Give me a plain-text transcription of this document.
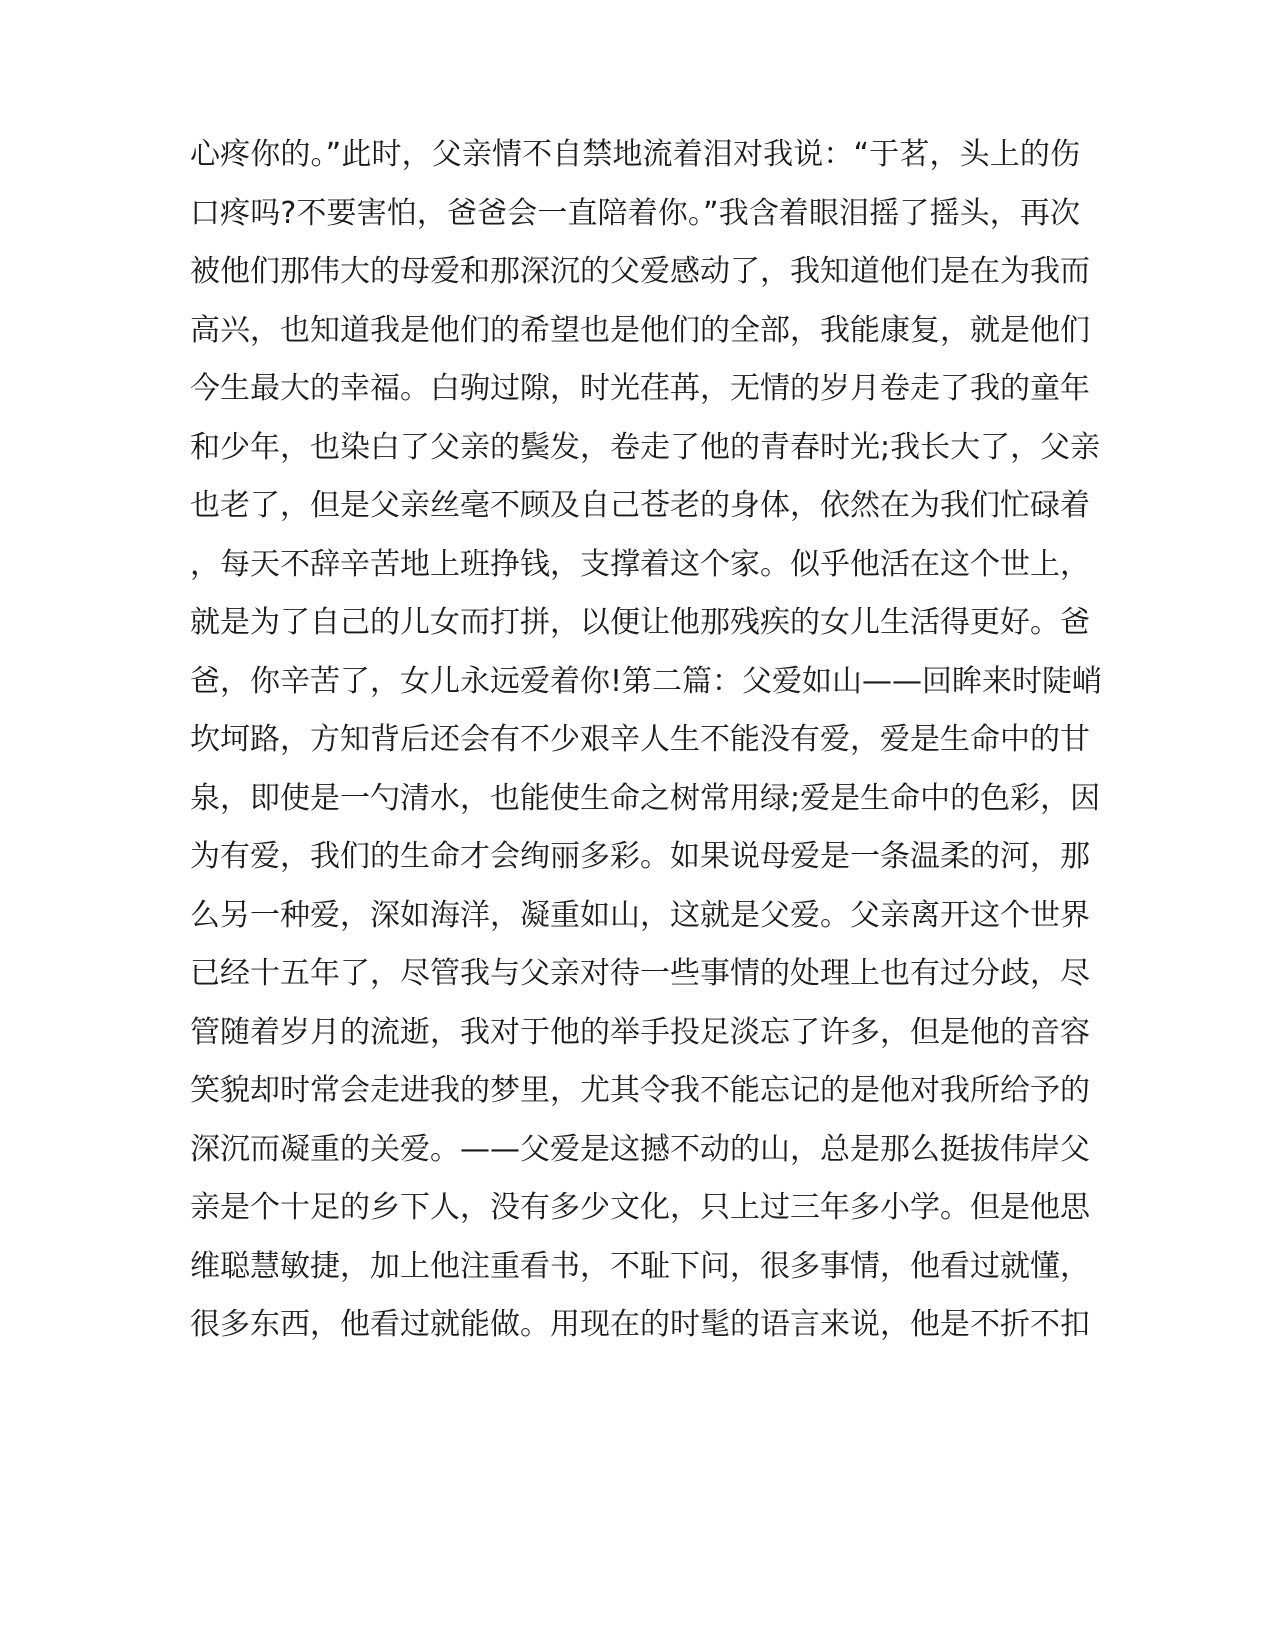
心疼你的。”此时，父亲情不自禁地流着泪对我说：“于茗，头上的伤
口疼吗?不要害怕，爸爸会一直陪着你。”我含着眼泪摇了摇头，再次
被他们那伟大的母爱和那深沉的父爱感动了，我知道他们是在为我而
高兴，也知道我是他们的希望也是他们的全部，我能康复，就是他们
今生最大的幸福。白驹过隙，时光荏苒，无情的岁月卷走了我的童年
和少年，也染白了父亲的鬓发，卷走了他的青春时光;我长大了，父亲
也老了，但是父亲丝毫不顾及自己苍老的身体，依然在为我们忙碌着
，每天不辞辛苦地上班挣钱，支撑着这个家。似乎他活在这个世上，
就是为了自己的儿女而打拼，以便让他那残疾的女儿生活得更好。爸
爸，你辛苦了，女儿永远爱着你!第二篇：父爱如山——回眸来时陡峭
坎坷路，方知背后还会有不少艰辛人生不能没有爱，爱是生命中的甘
泉，即使是一勺清水，也能使生命之树常用绿;爱是生命中的色彩，因
为有爱，我们的生命才会绚丽多彩。如果说母爱是一条温柔的河，那
么另一种爱，深如海洋，凝重如山，这就是父爱。父亲离开这个世界
已经十五年了，尽管我与父亲对待一些事情的处理上也有过分歧，尽
管随着岁月的流逝，我对于他的举手投足淡忘了许多，但是他的音容
笑貌却时常会走进我的梦里，尤其令我不能忘记的是他对我所给予的
深沉而凝重的关爱。——父爱是这撼不动的山，总是那么挺拔伟岸父
亲是个十足的乡下人，没有多少文化，只上过三年多小学。但是他思
维聪慧敏捷，加上他注重看书，不耻下问，很多事情，他看过就懂，
很多东西，他看过就能做。用现在的时髦的语言来说，他是不折不扣
